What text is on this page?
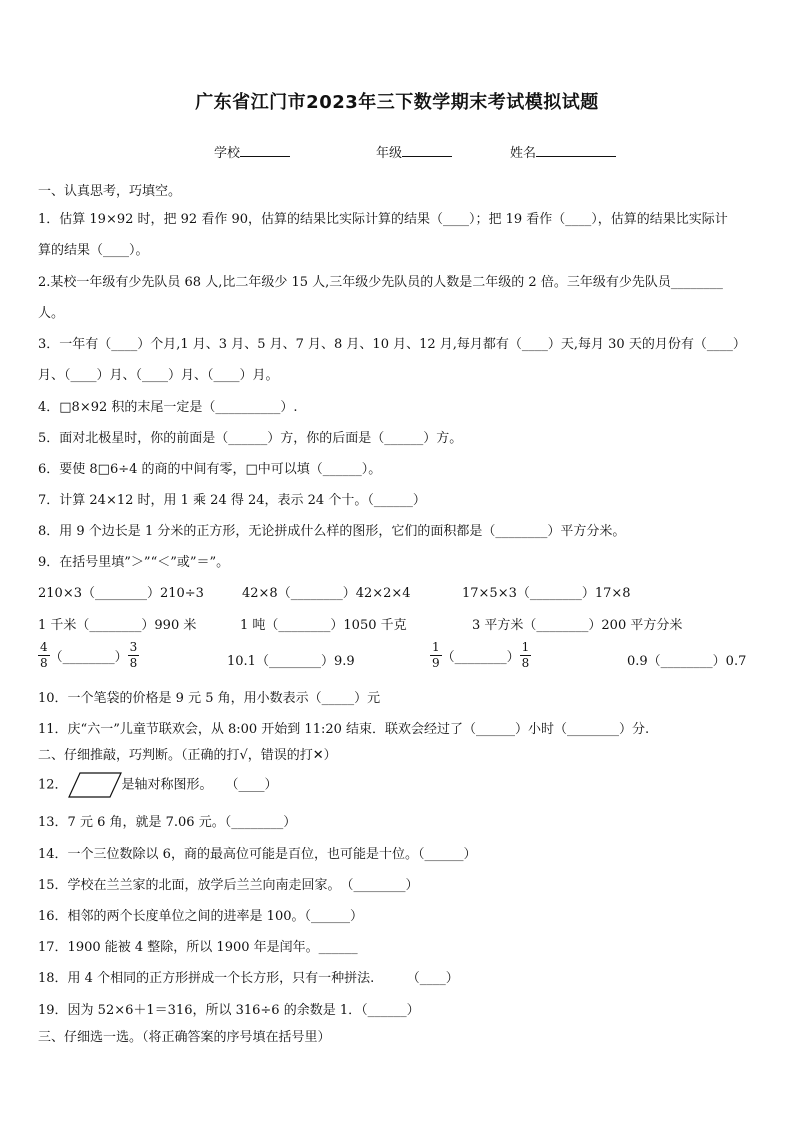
广东省江门市2023年三下数学期末考试模拟试题
学校	年级	姓名
一、认真思考，巧填空。
1．估算 19×92 时，把 92 看作 90，估算的结果比实际计算的结果（____）；把 19 看作（____），估算的结果比实际计
算的结果（____）。
2.某校一年级有少先队员 68 人,比二年级少 15 人,三年级少先队员的人数是二年级的 2 倍。三年级有少先队员________
人。
3．一年有（____）个月,1 月、3 月、5 月、7 月、8 月、10 月、12 月,每月都有（____）天,每月 30 天的月份有（____）
月、（____）月、（____）月、（____）月。
4．□8×92 积的末尾一定是（__________）.
5．面对北极星时，你的前面是（______）方，你的后面是（______）方。
6．要使 8□6÷4 的商的中间有零，□中可以填（______）。
7．计算 24×12 时，用 1 乘 24 得 24，表示 24 个十。（______）
8．用 9 个边长是 1 分米的正方形，无论拼成什么样的图形，它们的面积都是（________）平方分米。
9．在括号里填”＞”“＜”或”＝”。
210×3（________）210÷3	42×8（________）42×2×4	17×5×3（________）17×8
1 千米（________）990 米	1 吨（________）1050 千克	3 平方米（________）200 平方分米
$\frac{4}{8}$ （________） $\frac{3}{8}$	10.1（________）9.9	$\frac{1}{9}$ （________） $\frac{1}{8}$	0.9（________）0.7
10．一个笔袋的价格是 9 元 5 角，用小数表示（_____）元
11．庆“六一”儿童节联欢会，从 8:00 开始到 11:20 结束．联欢会经过了（______）小时（________）分.
二、仔细推敲，巧判断。（正确的打√，错误的打✕）
12．	是轴对称图形。　　（____）
13．7 元 6 角，就是 7.06 元。（________）
14．一个三位数除以 6，商的最高位可能是百位，也可能是十位。（______）
15．学校在兰兰家的北面，放学后兰兰向南走回家。　（________）
16．相邻的两个长度单位之间的进率是 100。（______）
17．1900 能被 4 整除，所以 1900 年是闰年。______
18．用 4 个相同的正方形拼成一个长方形，只有一种拼法.　　　（____）
19．因为 52×6＋1＝316，所以 316÷6 的余数是 1．（______）
三、仔细选一选。（将正确答案的序号填在括号里）
